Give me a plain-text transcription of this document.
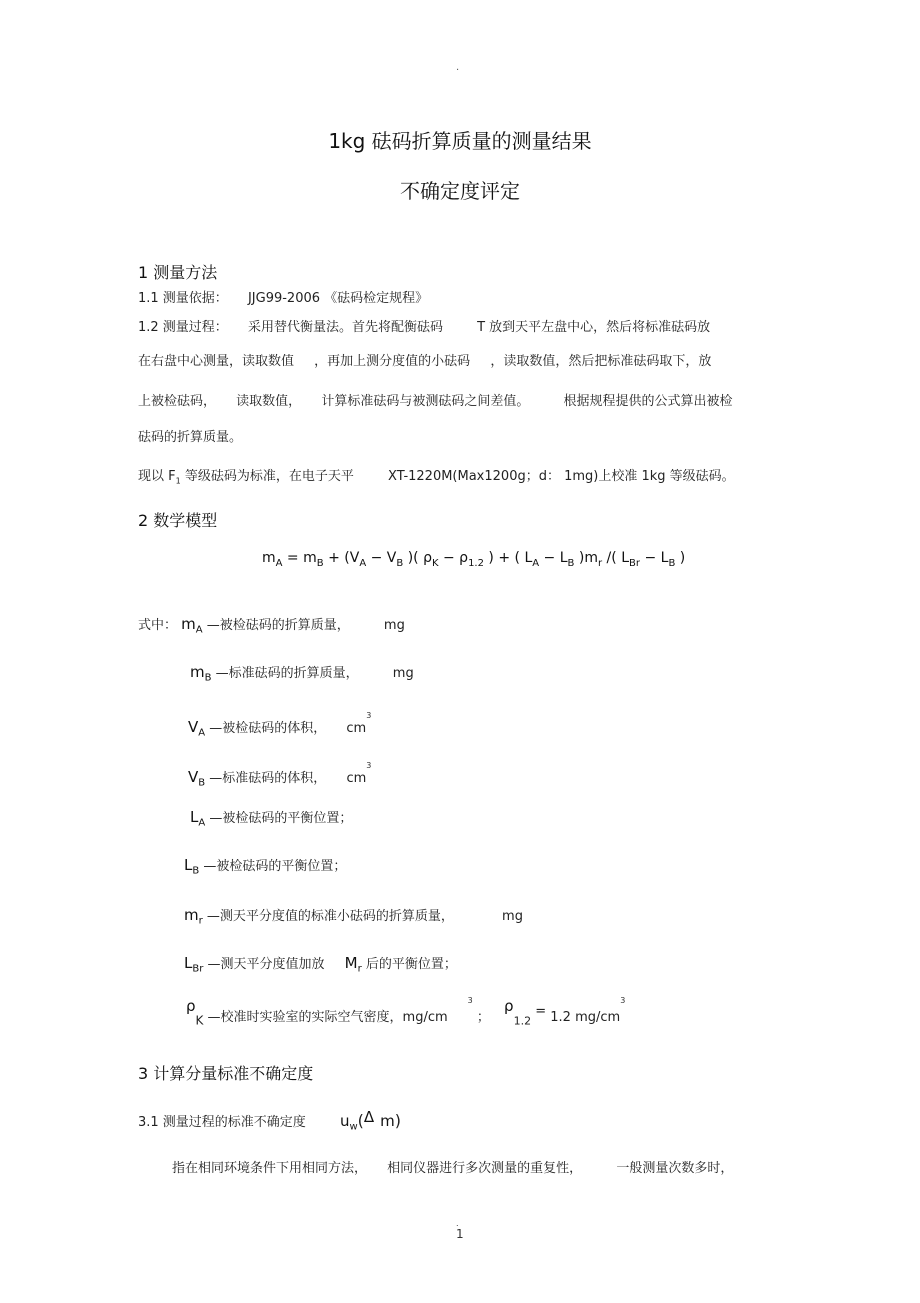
.
1kg 砝码折算质量的测量结果
不确定度评定
1 测量方法
1.1 测量依据： JJG99-2006 《砝码检定规程》
1.2 测量过程： 采用替代衡量法。首先将配衡砝码	T 放到天平左盘中心，然后将标准砝码放
在右盘中心测量，读取数值 ，再加上测分度值的小砝码 ，读取数值，然后把标准砝码取下，放
上被检砝码， 读取数值， 计算标准砝码与被测砝码之间差值。	根据规程提供的公式算出被检
砝码的折算质量。
现以 $F_1$ 等级砝码为标准，在电子天平	XT-1220M(Max1200g；d： 1mg)上校准 1kg 等级砝码。
2 数学模型
$m_A = m_B + (V_A - V_B$ )( $\rho_K - \rho_{1.2}$ ) + ( $L_A - L_B$ )$m_r$ /( $L_{Br} - L_B$ )
式中： $m_A$ —被检砝码的折算质量，	mg
$m_B$ —标准砝码的折算质量，	mg
$V_A$ —被检砝码的体积， cm3
$V_B$ —标准砝码的体积， cm3
$L_A$ —被检砝码的平衡位置；
$L_B$ —被检砝码的平衡位置；
$m_r$ —测天平分度值的标准小砝码的折算质量，	mg
$L_{Br}$ —测天平分度值加放 $M_r$ 后的平衡位置；
$\rho_K$ —校准时实验室的实际空气密度，mg/cm3 ； $\rho_{1.2} = 1.2$ mg/cm3
3 计算分量标准不确定度
3.1 测量过程的标准不确定度 $u_w(\Delta$ m)
指在相同环境条件下用相同方法， 相同仪器进行多次测量的重复性，	一般测量次数多时，
.
1
